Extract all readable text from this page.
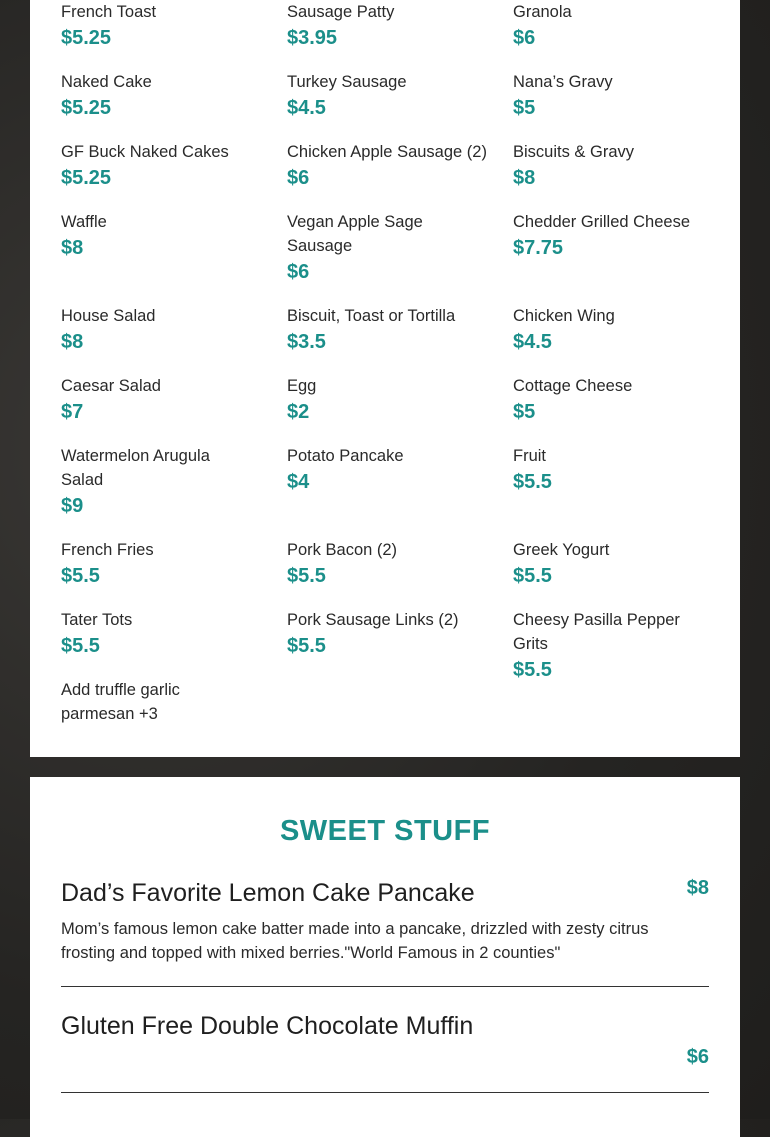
French Toast
$5.25
Naked Cake
$5.25
GF Buck Naked Cakes
$5.25
Waffle
$8
House Salad
$8
Caesar Salad
$7
Watermelon Arugula Salad
$9
French Fries
$5.5
Tater Tots
$5.5
Add truffle garlic parmesan +3
Sausage Patty
$3.95
Turkey Sausage
$4.5
Chicken Apple Sausage (2)
$6
Vegan Apple Sage Sausage
$6
Biscuit, Toast or Tortilla
$3.5
Egg
$2
Potato Pancake
$4
Pork Bacon (2)
$5.5
Pork Sausage Links (2)
$5.5
Granola
$6
Nana’s Gravy
$5
Biscuits & Gravy
$8
Chedder Grilled Cheese
$7.75
Chicken Wing
$4.5
Cottage Cheese
$5
Fruit
$5.5
Greek Yogurt
$5.5
Cheesy Pasilla Pepper Grits
$5.5
SWEET STUFF
$8
Dad’s Favorite Lemon Cake Pancake
Mom’s famous lemon cake batter made into a pancake, drizzled with zesty citrus frosting and topped with mixed berries."World Famous in 2 counties"
Gluten Free Double Chocolate Muffin
$6
